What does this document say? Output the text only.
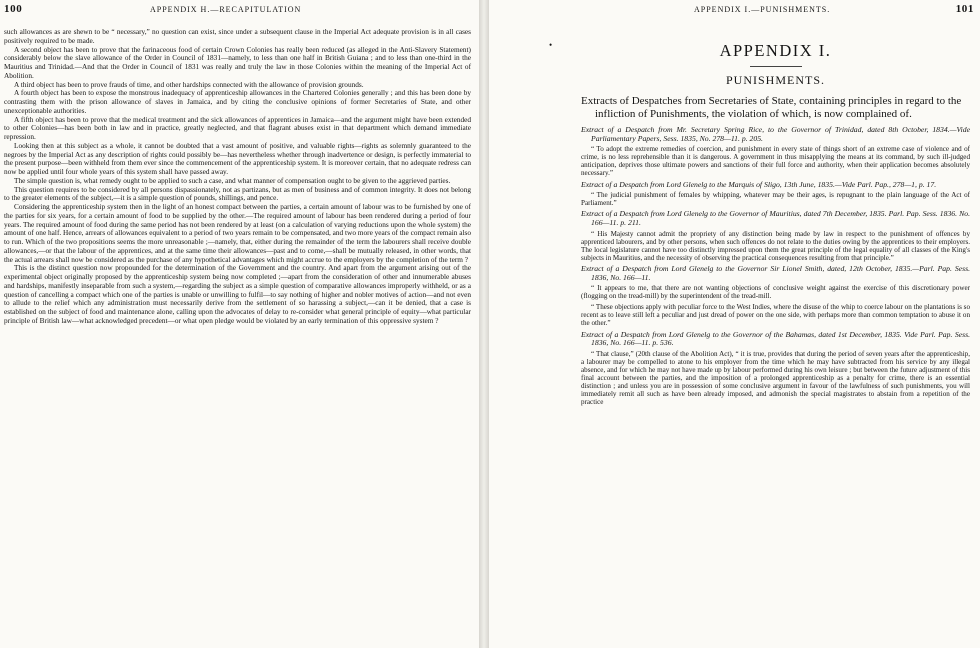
100	APPENDIX H.—RECAPITULATION

such allowances as are shewn to be “ necessary,” no question can exist, since under a subsequent clause in the Imperial Act adequate provision is in all cases positively required to be made.

A second object has been to prove that the farinaceous food of certain Crown Colonies has really been reduced (as alleged in the Anti-Slavery Statement) considerably below the slave allowance of the Order in Council of 1831—namely, to less than one half in British Guiana ; and to less than one-third in the Mauritius and Trinidad.—And that the Order in Council of 1831 was really and truly the law in those Colonies within the meaning of the Imperial Act of Abolition.

A third object has been to prove frauds of time, and other hardships connected with the allowance of provision grounds.

A fourth object has been to expose the monstrous inadequacy of apprenticeship allowances in the Chartered Colonies generally ; and this has been done by contrasting them with the prison allowance of slaves in Jamaica, and by citing the conclusive opinions of former Secretaries of State, and other unexceptionable authorities.

A fifth object has been to prove that the medical treatment and the sick allowances of apprentices in Jamaica—and the argument might have been extended to other Colonies—has been both in law and in practice, greatly neglected, and that flagrant abuses exist in that department which demand immediate repression.

Looking then at this subject as a whole, it cannot be doubted that a vast amount of positive, and valuable rights—rights as solemnly guaranteed to the negroes by the Imperial Act as any description of rights could possibly be—has nevertheless whether through inadvertence or design, is perfectly immaterial to the present purpose—been withheld from them ever since the commencement of the apprenticeship system. It is moreover certain, that no adequate redress can now be applied until four whole years of this system shall have passed away.

The simple question is, what remedy ought to be applied to such a case, and what manner of compensation ought to be given to the aggrieved parties.

This question requires to be considered by all persons dispassionately, not as partizans, but as men of business and of common integrity. It does not belong to the greater elements of the subject,—it is a simple question of pounds, shillings, and pence.

Considering the apprenticeship system then in the light of an honest compact between the parties, a certain amount of labour was to be furnished by one of the parties for six years, for a certain amount of food to be supplied by the other.—The required amount of labour has been rendered during a period of four years. The required amount of food during the same period has not been rendered by at least (on a calculation of varying reductions upon the whole system) the amount of one half. Hence, arrears of allowances equivalent to a period of two years remain to be compensated, and two more years of the compact remain also to run. Which of the two propositions seems the more unreasonable ;—namely, that, either during the remainder of the term the labourers shall receive double allowances,—or that the labour of the apprentices, and at the same time their allowances—past and to come,—shall be mutually released, in other words, that the actual arrears shall now be considered as the purchase of any hypothetical advantages which might accrue to the employers by the completion of the term ?

This is the distinct question now propounded for the determination of the Government and the country. And apart from the argument arising out of the experimental object originally proposed by the apprenticeship system being now completed ;—apart from the consideration of other and innumerable abuses and hardships, manifestly inseparable from such a system,—regarding the subject as a simple question of comparative allowances improperly withheld, or as a question of cancelling a compact which one of the parties is unable or unwilling to fulfil—to say nothing of higher and nobler motives of action—and not even to allude to the relief which any administration must necessarily derive from the settlement of so harassing a subject,—can it be denied, that a case is established on the subject of food and maintenance alone, calling upon the advocates of delay to re-consider what general principle of equity—what particular principle of British law—what acknowledged precedent—or what open pledge would be violated by an early termination of this oppressive system ?

APPENDIX I.—PUNISHMENTS.	101
•	APPENDIX I.
PUNISHMENTS.
Extracts of Despatches from Secretaries of State, containing principles in regard to the infliction of Punishments, the violation of which, is now complained of.
Extract of a Despatch from Mr. Secretary Spring Rice, to the Governor of Trinidad, dated 8th October, 1834.—Vide Parliamentary Papers, Sess. 1835, No. 278—11. p. 205.

“ To adopt the extreme remedies of coercion, and punishment in every state of things short of an extreme case of violence and of crime, is no less reprehensible than it is dangerous. A government in thus misapplying the means at its command, by such ill-judged anticipation, deprives those ultimate powers and sanctions of their full force and authority, when their application becomes absolutely necessary.”

Extract of a Despatch from Lord Glenelg to the Marquis of Sligo, 13th June, 1835.—Vide Parl. Pap., 278—1, p. 17.

“ The judicial punishment of females by whipping, whatever may be their ages, is repugnant to the plain language of the Act of Parliament.”

Extract of a Despatch from Lord Glenelg to the Governor of Mauritius, dated 7th December, 1835. Parl. Pap. Sess. 1836. No. 166—11. p. 211.

“ His Majesty cannot admit the propriety of any distinction being made by law in respect to the punishment of offences by apprenticed labourers, and by other persons, when such offences do not relate to the duties owing by the apprentices to their employers. The local legislature cannot have too distinctly impressed upon them the great principle of the legal equality of all classes of the King's subjects in Mauritius, and the necessity of observing the practical consequences resulting from that principle.”

Extract of a Despatch from Lord Glenelg to the Governor Sir Lionel Smith, dated, 12th October, 1835.—Parl. Pap. Sess. 1836, No. 166—11.

“ It appears to me, that there are not wanting objections of conclusive weight against the exercise of this discretionary power (flogging on the tread-mill) by the superintendent of the tread-mill.

“ These objections apply with peculiar force to the West Indies, where the disuse of the whip to coerce labour on the plantations is so recent as to leave still left a peculiar and just dread of power on the one side, with perhaps more than common temptation to abuse it on the other.”

Extract of a Despatch from Lord Glenelg to the Governor of the Bahamas, dated 1st December, 1835. Vide Parl. Pap. Sess. 1836, No. 166—11. p. 536.

“ That clause,” (20th clause of the Abolition Act), “ it is true, provides that during the period of seven years after the apprenticeship, a labourer may be compelled to atone to his employer from the time which he may have subtracted from his service by any illegal absence, and for which he may not have made up by labour performed during his own leisure ; but between the future adjustment of this final account between the parties, and the imposition of a prolonged apprenticeship as a penalty for crime, there is an essential distinction ; and unless you are in possession of some conclusive argument in favour of the lawfulness of such punishments, you will immediately remit all such as have been already imposed, and admonish the special magistrates to abstain from a repetition of the practice
